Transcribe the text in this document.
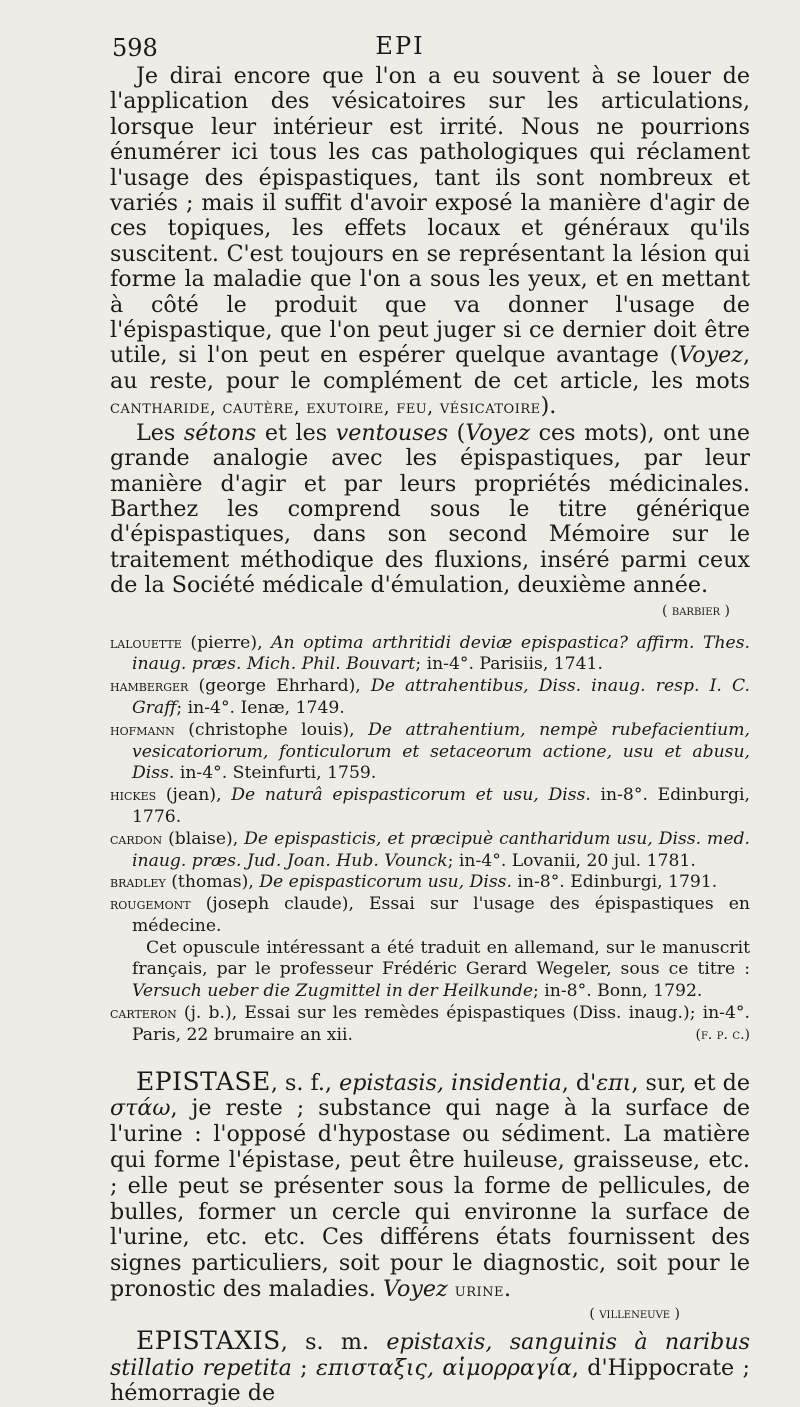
598	EPI

Je dirai encore que l'on a eu souvent à se louer de l'application des vésicatoires sur les articulations, lorsque leur intérieur est irrité. Nous ne pourrions énumérer ici tous les cas pathologiques qui réclament l'usage des épispastiques, tant ils sont nombreux et variés ; mais il suffit d'avoir exposé la manière d'agir de ces topiques, les effets locaux et généraux qu'ils suscitent. C'est toujours en se représentant la lésion qui forme la maladie que l'on a sous les yeux, et en mettant à côté le produit que va donner l'usage de l'épispastique, que l'on peut juger si ce dernier doit être utile, si l'on peut en espérer quelque avantage (Voyez, au reste, pour le complément de cet article, les mots cantharide, cautère, exutoire, feu, vésicatoire).

Les sétons et les ventouses (Voyez ces mots), ont une grande analogie avec les épispastiques, par leur manière d'agir et par leurs propriétés médicinales. Barthez les comprend sous le titre générique d'épispastiques, dans son second Mémoire sur le traitement méthodique des fluxions, inséré parmi ceux de la Société médicale d'émulation, deuxième année.

( barbier )

lalouette (pierre), An optima arthritidi deviæ epispastica? affirm. Thes. inaug. præs. Mich. Phil. Bouvart; in-4°. Parisiis, 1741.

hamberger (george Ehrhard), De attrahentibus, Diss. inaug. resp. I. C. Graff; in-4°. Ienæ, 1749.

hofmann (christophe louis), De attrahentium, nempè rubefacientium, vesicatoriorum, fonticulorum et setaceorum actione, usu et abusu, Diss. in-4°. Steinfurti, 1759.

hickes (jean), De naturâ epispasticorum et usu, Diss. in-8°. Edinburgi, 1776.

cardon (blaise), De epispasticis, et præcipuè cantharidum usu, Diss. med. inaug. præs. Jud. Joan. Hub. Vounck; in-4°. Lovanii, 20 jul. 1781.

bradley (thomas), De epispasticorum usu, Diss. in-8°. Edinburgi, 1791.

rougemont (joseph claude), Essai sur l'usage des épispastiques en médecine.

Cet opuscule intéressant a été traduit en allemand, sur le manuscrit français, par le professeur Frédéric Gerard Wegeler, sous ce titre : Versuch ueber die Zugmittel in der Heilkunde; in-8°. Bonn, 1792.

carteron (j. b.), Essai sur les remèdes épispastiques (Diss. inaug.); in-4°. Paris, 22 brumaire an xii.	(f. p. c.)

EPISTASE, s. f., epistasis, insidentia, d'επι, sur, et de στάω, je reste ; substance qui nage à la surface de l'urine : l'opposé d'hypostase ou sédiment. La matière qui forme l'épistase, peut être huileuse, graisseuse, etc. ; elle peut se présenter sous la forme de pellicules, de bulles, former un cercle qui environne la surface de l'urine, etc. etc. Ces différens états fournissent des signes particuliers, soit pour le diagnostic, soit pour le pronostic des maladies. Voyez urine.

( villeneuve )

EPISTAXIS, s. m. epistaxis, sanguinis à naribus stillatio repetita ; επισταξις, αἱμορραγία, d'Hippocrate ; hémorragie de
